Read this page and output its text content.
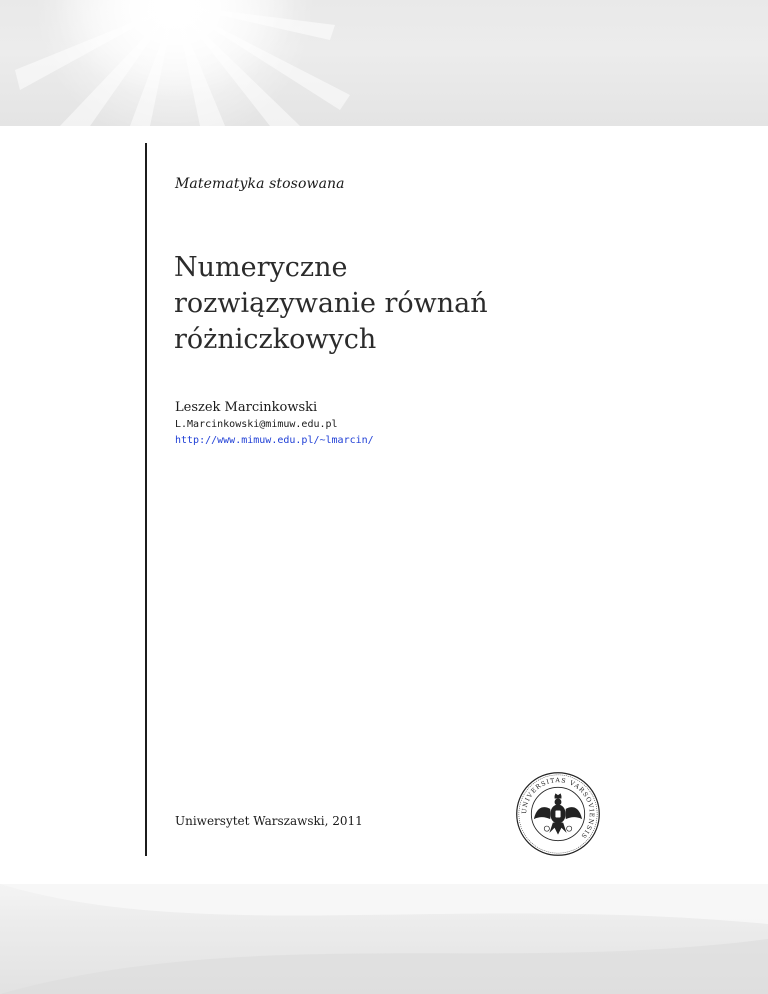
Matematyka stosowana
Numeryczne
rozwiązywanie równań
różniczkowych
Leszek Marcinkowski
L.Marcinkowski@mimuw.edu.pl
http://www.mimuw.edu.pl/~lmarcin/
Uniwersytet Warszawski, 2011
UNIVERSITAS VARSOVIENSIS
